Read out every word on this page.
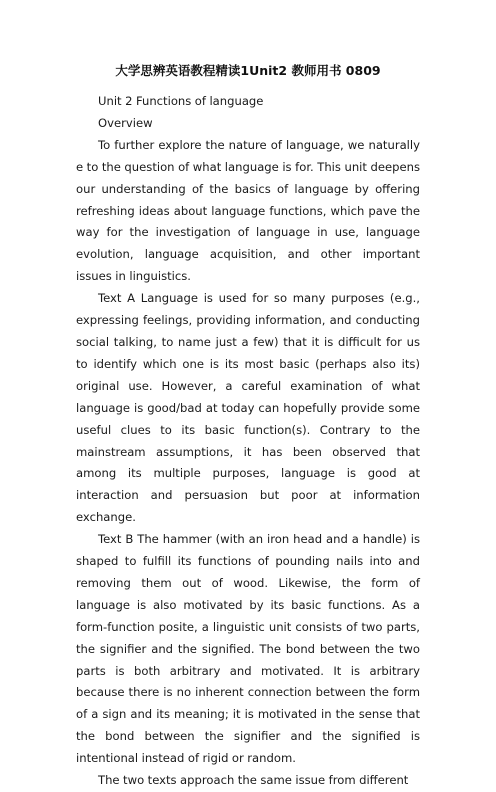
大学思辨英语教程精读1Unit2 教师用书 0809

Unit 2 Functions of language

Overview

To further explore the nature of language, we naturally e to the question of what language is for. This unit deepens our understanding of the basics of language by offering refreshing ideas about language functions, which pave the way for the investigation of language in use, language evolution, language acquisition, and other important issues in linguistics.

Text A Language is used for so many purposes (e.g., expressing feelings, providing information, and conducting social talking, to name just a few) that it is difficult for us to identify which one is its most basic (perhaps also its) original use. However, a careful examination of what language is good/bad at today can hopefully provide some useful clues to its basic function(s). Contrary to the mainstream assumptions, it has been observed that among its multiple purposes, language is good at interaction and persuasion but poor at information exchange.

Text B The hammer (with an iron head and a handle) is shaped to fulfill its functions of pounding nails into and removing them out of wood. Likewise, the form of language is also motivated by its basic functions. As a form-function posite, a linguistic unit consists of two parts, the signifier and the signified. The bond between the two parts is both arbitrary and motivated. It is arbitrary because there is no inherent connection between the form of a sign and its meaning; it is motivated in the sense that the bond between the signifier and the signified is intentional instead of rigid or random.

The two texts approach the same issue from different
